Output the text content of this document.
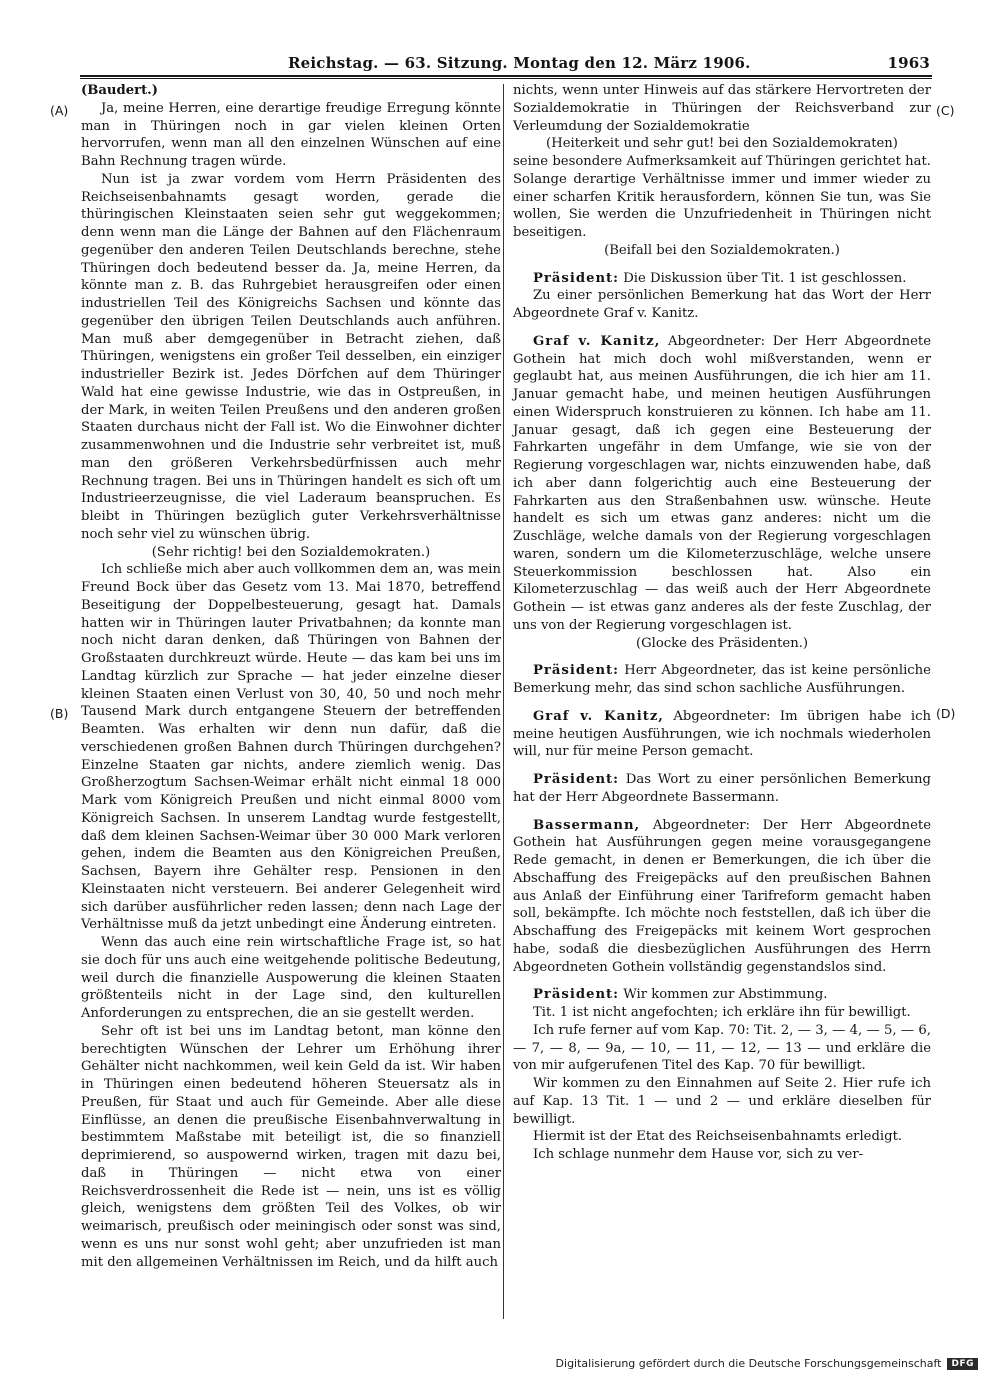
Reichstag. — 63. Sitzung. Montag den 12. März 1906.	1963
(A)
(B)
(C)
(D)

(Baudert.)

Ja, meine Herren, eine derartige freudige Erregung könnte man in Thüringen noch in gar vielen kleinen Orten hervorrufen, wenn man all den einzelnen Wünschen auf eine Bahn Rechnung tragen würde.

Nun ist ja zwar vordem vom Herrn Präsidenten des Reichseisenbahnamts gesagt worden, gerade die thüringischen Kleinstaaten seien sehr gut weggekommen; denn wenn man die Länge der Bahnen auf den Flächenraum gegenüber den anderen Teilen Deutschlands berechne, stehe Thüringen doch bedeutend besser da. Ja, meine Herren, da könnte man z. B. das Ruhrgebiet herausgreifen oder einen industriellen Teil des Königreichs Sachsen und könnte das gegenüber den übrigen Teilen Deutschlands auch anführen. Man muß aber demgegenüber in Betracht ziehen, daß Thüringen, wenigstens ein großer Teil desselben, ein einziger industrieller Bezirk ist. Jedes Dörfchen auf dem Thüringer Wald hat eine gewisse Industrie, wie das in Ostpreußen, in der Mark, in weiten Teilen Preußens und den anderen großen Staaten durchaus nicht der Fall ist. Wo die Einwohner dichter zusammenwohnen und die Industrie sehr verbreitet ist, muß man den größeren Verkehrsbedürfnissen auch mehr Rechnung tragen. Bei uns in Thüringen handelt es sich oft um Industrieerzeugnisse, die viel Laderaum beanspruchen. Es bleibt in Thüringen bezüglich guter Verkehrsverhältnisse noch sehr viel zu wünschen übrig.

(Sehr richtig! bei den Sozialdemokraten.)

Ich schließe mich aber auch vollkommen dem an, was mein Freund Bock über das Gesetz vom 13. Mai 1870, betreffend Beseitigung der Doppelbesteuerung, gesagt hat. Damals hatten wir in Thüringen lauter Privatbahnen; da konnte man noch nicht daran denken, daß Thüringen von Bahnen der Großstaaten durchkreuzt würde. Heute — das kam bei uns im Landtag kürzlich zur Sprache — hat jeder einzelne dieser kleinen Staaten einen Verlust von 30, 40, 50 und noch mehr Tausend Mark durch entgangene Steuern der betreffenden Beamten. Was erhalten wir denn nun dafür, daß die verschiedenen großen Bahnen durch Thüringen durchgehen? Einzelne Staaten gar nichts, andere ziemlich wenig. Das Großherzogtum Sachsen-Weimar erhält nicht einmal 18 000 Mark vom Königreich Preußen und nicht einmal 8000 vom Königreich Sachsen. In unserem Landtag wurde festgestellt, daß dem kleinen Sachsen-Weimar über 30 000 Mark verloren gehen, indem die Beamten aus den Königreichen Preußen, Sachsen, Bayern ihre Gehälter resp. Pensionen in den Kleinstaaten nicht versteuern. Bei anderer Gelegenheit wird sich darüber ausführlicher reden lassen; denn nach Lage der Verhältnisse muß da jetzt unbedingt eine Änderung eintreten.

Wenn das auch eine rein wirtschaftliche Frage ist, so hat sie doch für uns auch eine weitgehende politische Bedeutung, weil durch die finanzielle Auspowerung die kleinen Staaten größtenteils nicht in der Lage sind, den kulturellen Anforderungen zu entsprechen, die an sie gestellt werden.

Sehr oft ist bei uns im Landtag betont, man könne den berechtigten Wünschen der Lehrer um Erhöhung ihrer Gehälter nicht nachkommen, weil kein Geld da ist. Wir haben in Thüringen einen bedeutend höheren Steuersatz als in Preußen, für Staat und auch für Gemeinde. Aber alle diese Einflüsse, an denen die preußische Eisenbahnverwaltung in bestimmtem Maßstabe mit beteiligt ist, die so finanziell deprimierend, so auspowernd wirken, tragen mit dazu bei, daß in Thüringen — nicht etwa von einer Reichsverdrossenheit die Rede ist — nein, uns ist es völlig gleich, wenigstens dem größten Teil des Volkes, ob wir weimarisch, preußisch oder meiningisch oder sonst was sind, wenn es uns nur sonst wohl geht; aber unzufrieden ist man mit den allgemeinen Verhältnissen im Reich, und da hilft auch

nichts, wenn unter Hinweis auf das stärkere Hervortreten der Sozialdemokratie in Thüringen der Reichsverband zur Verleumdung der Sozialdemokratie

(Heiterkeit und sehr gut! bei den Sozialdemokraten)

seine besondere Aufmerksamkeit auf Thüringen gerichtet hat. Solange derartige Verhältnisse immer und immer wieder zu einer scharfen Kritik herausfordern, können Sie tun, was Sie wollen, Sie werden die Unzufriedenheit in Thüringen nicht beseitigen.

(Beifall bei den Sozialdemokraten.)

Präsident: Die Diskussion über Tit. 1 ist geschlossen.

Zu einer persönlichen Bemerkung hat das Wort der Herr Abgeordnete Graf v. Kanitz.

Graf v. Kanitz, Abgeordneter: Der Herr Abgeordnete Gothein hat mich doch wohl mißverstanden, wenn er geglaubt hat, aus meinen Ausführungen, die ich hier am 11. Januar gemacht habe, und meinen heutigen Ausführungen einen Widerspruch konstruieren zu können. Ich habe am 11. Januar gesagt, daß ich gegen eine Besteuerung der Fahrkarten ungefähr in dem Umfange, wie sie von der Regierung vorgeschlagen war, nichts einzuwenden habe, daß ich aber dann folgerichtig auch eine Besteuerung der Fahrkarten aus den Straßenbahnen usw. wünsche. Heute handelt es sich um etwas ganz anderes: nicht um die Zuschläge, welche damals von der Regierung vorgeschlagen waren, sondern um die Kilometerzuschläge, welche unsere Steuerkommission beschlossen hat. Also ein Kilometerzuschlag — das weiß auch der Herr Abgeordnete Gothein — ist etwas ganz anderes als der feste Zuschlag, der uns von der Regierung vorgeschlagen ist.

(Glocke des Präsidenten.)

Präsident: Herr Abgeordneter, das ist keine persönliche Bemerkung mehr, das sind schon sachliche Ausführungen.

Graf v. Kanitz, Abgeordneter: Im übrigen habe ich meine heutigen Ausführungen, wie ich nochmals wiederholen will, nur für meine Person gemacht.

Präsident: Das Wort zu einer persönlichen Bemerkung hat der Herr Abgeordnete Bassermann.

Bassermann, Abgeordneter: Der Herr Abgeordnete Gothein hat Ausführungen gegen meine vorausgegangene Rede gemacht, in denen er Bemerkungen, die ich über die Abschaffung des Freigepäcks auf den preußischen Bahnen aus Anlaß der Einführung einer Tarifreform gemacht haben soll, bekämpfte. Ich möchte noch feststellen, daß ich über die Abschaffung des Freigepäcks mit keinem Wort gesprochen habe, sodaß die diesbezüglichen Ausführungen des Herrn Abgeordneten Gothein vollständig gegenstandslos sind.

Präsident: Wir kommen zur Abstimmung.

Tit. 1 ist nicht angefochten; ich erkläre ihn für bewilligt.

Ich rufe ferner auf vom Kap. 70: Tit. 2, — 3, — 4, — 5, — 6, — 7, — 8, — 9a, — 10, — 11, — 12, — 13 — und erkläre die von mir aufgerufenen Titel des Kap. 70 für bewilligt.

Wir kommen zu den Einnahmen auf Seite 2. Hier rufe ich auf Kap. 13 Tit. 1 — und 2 — und erkläre dieselben für bewilligt.

Hiermit ist der Etat des Reichseisenbahnamts erledigt.

Ich schlage nunmehr dem Hause vor, sich zu ver-

Digitalisierung gefördert durch die Deutsche Forschungsgemeinschaft	DFG
